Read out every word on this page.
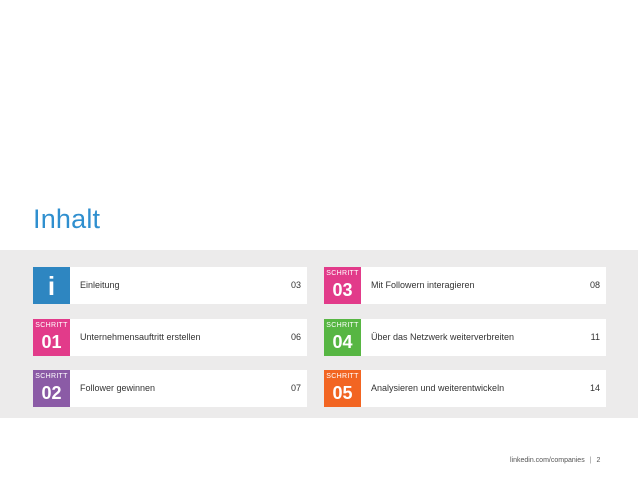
Inhalt
i	Einleitung	03
SCHRITT
01	Unternehmensauftritt erstellen	06
SCHRITT
02	Follower gewinnen	07
SCHRITT
03	Mit Followern interagieren	08
SCHRITT
04	Über das Netzwerk weiterverbreiten	11
SCHRITT
05	Analysieren und weiterentwickeln	14
linkedin.com/companies | 2
